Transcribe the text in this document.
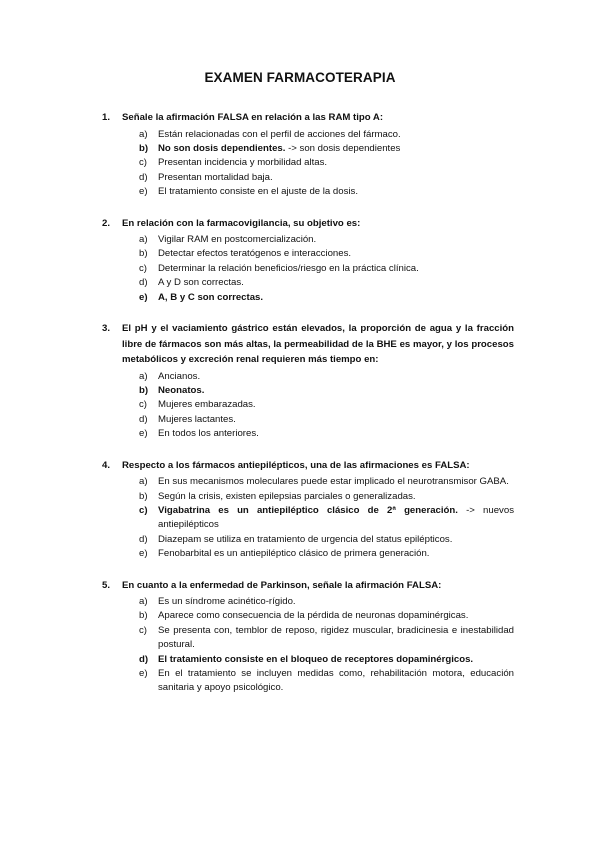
EXAMEN FARMACOTERAPIA
1. Señale la afirmación FALSA en relación a las RAM tipo A:
a) Están relacionadas con el perfil de acciones del fármaco.
b) No son dosis dependientes. -> son dosis dependientes
c) Presentan incidencia y morbilidad altas.
d) Presentan mortalidad baja.
e) El tratamiento consiste en el ajuste de la dosis.
2. En relación con la farmacovigilancia, su objetivo es:
a) Vigilar RAM en postcomercialización.
b) Detectar efectos teratógenos e interacciones.
c) Determinar la relación beneficios/riesgo en la práctica clínica.
d) A y D son correctas.
e) A, B y C son correctas.
3. El pH y el vaciamiento gástrico están elevados, la proporción de agua y la fracción libre de fármacos son más altas, la permeabilidad de la BHE es mayor, y los procesos metabólicos y excreción renal requieren más tiempo en:
a) Ancianos.
b) Neonatos.
c) Mujeres embarazadas.
d) Mujeres lactantes.
e) En todos los anteriores.
4. Respecto a los fármacos antiepilépticos, una de las afirmaciones es FALSA:
a) En sus mecanismos moleculares puede estar implicado el neurotransmisor GABA.
b) Según la crisis, existen epilepsias parciales o generalizadas.
c) Vigabatrina es un antiepiléptico clásico de 2ª generación. -> nuevos antiepilépticos
d) Diazepam se utiliza en tratamiento de urgencia del status epilépticos.
e) Fenobarbital es un antiepiléptico clásico de primera generación.
5. En cuanto a la enfermedad de Parkinson, señale la afirmación FALSA:
a) Es un síndrome acinético-rígido.
b) Aparece como consecuencia de la pérdida de neuronas dopaminérgicas.
c) Se presenta con, temblor de reposo, rigidez muscular, bradicinesia e inestabilidad postural.
d) El tratamiento consiste en el bloqueo de receptores dopaminérgicos.
e) En el tratamiento se incluyen medidas como, rehabilitación motora, educación sanitaria y apoyo psicológico.
